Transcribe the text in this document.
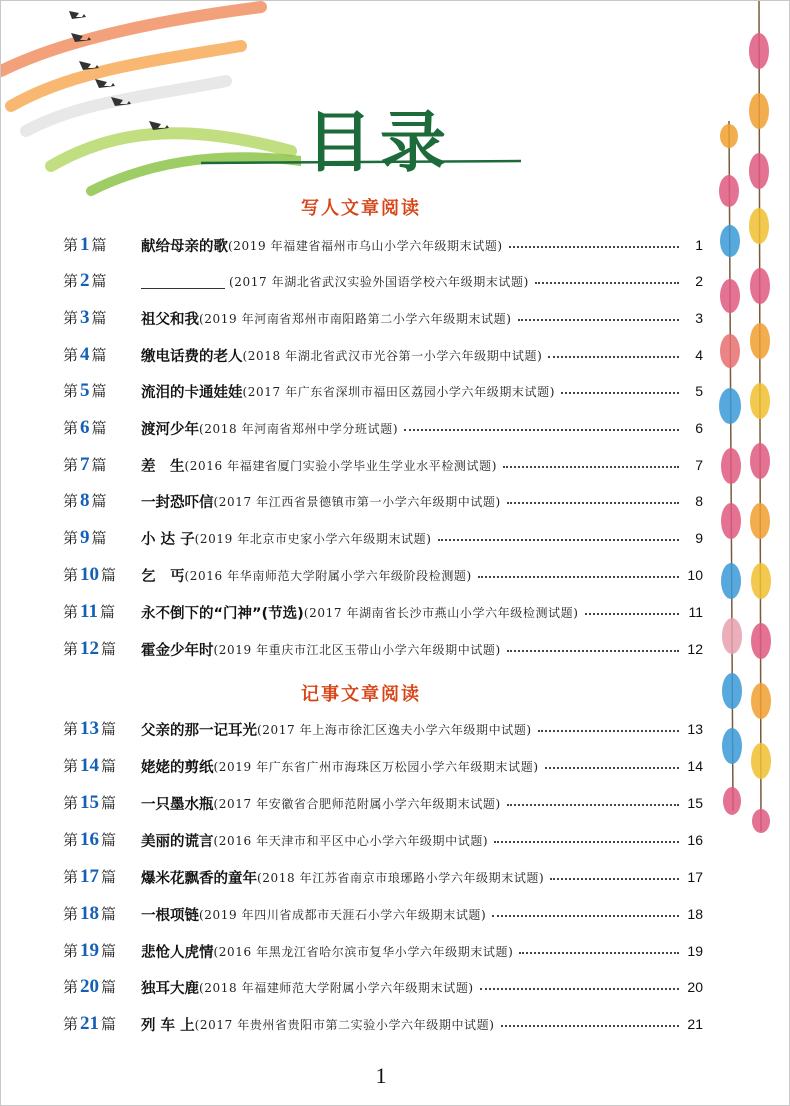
目录
写人文章阅读
第 1 篇	献给母亲的歌 (2019 年福建省福州市乌山小学六年级期末试题)	1
第 2 篇	(2017 年湖北省武汉实验外国语学校六年级期末试题)	2
第 3 篇	祖父和我 (2019 年河南省郑州市南阳路第二小学六年级期末试题)	3
第 4 篇	缴电话费的老人 (2018 年湖北省武汉市光谷第一小学六年级期中试题)	4
第 5 篇	流泪的卡通娃娃 (2017 年广东省深圳市福田区荔园小学六年级期末试题)	5
第 6 篇	渡河少年 (2018 年河南省郑州中学分班试题)	6
第 7 篇	差　生 (2016 年福建省厦门实验小学毕业生学业水平检测试题)	7
第 8 篇	一封恐吓信 (2017 年江西省景德镇市第一小学六年级期中试题)	8
第 9 篇	小 达 子 (2019 年北京市史家小学六年级期末试题)	9
第 10 篇	乞　丐 (2016 年华南师范大学附属小学六年级阶段检测题)	10
第 11 篇	永不倒下的“门神”(节选) (2017 年湖南省长沙市燕山小学六年级检测试题)	11
第 12 篇	霍金少年时 (2019 年重庆市江北区玉带山小学六年级期中试题)	12
记事文章阅读
第 13 篇	父亲的那一记耳光 (2017 年上海市徐汇区逸夫小学六年级期中试题)	13
第 14 篇	姥姥的剪纸 (2019 年广东省广州市海珠区万松园小学六年级期末试题)	14
第 15 篇	一只墨水瓶 (2017 年安徽省合肥师范附属小学六年级期末试题)	15
第 16 篇	美丽的谎言 (2016 年天津市和平区中心小学六年级期中试题)	16
第 17 篇	爆米花飘香的童年 (2018 年江苏省南京市琅琊路小学六年级期末试题)	17
第 18 篇	一根项链 (2019 年四川省成都市天涯石小学六年级期末试题)	18
第 19 篇	悲怆人虎情 (2016 年黑龙江省哈尔滨市复华小学六年级期末试题)	19
第 20 篇	独耳大鹿 (2018 年福建师范大学附属小学六年级期末试题)	20
第 21 篇	列 车 上 (2017 年贵州省贵阳市第二实验小学六年级期中试题)	21
1
